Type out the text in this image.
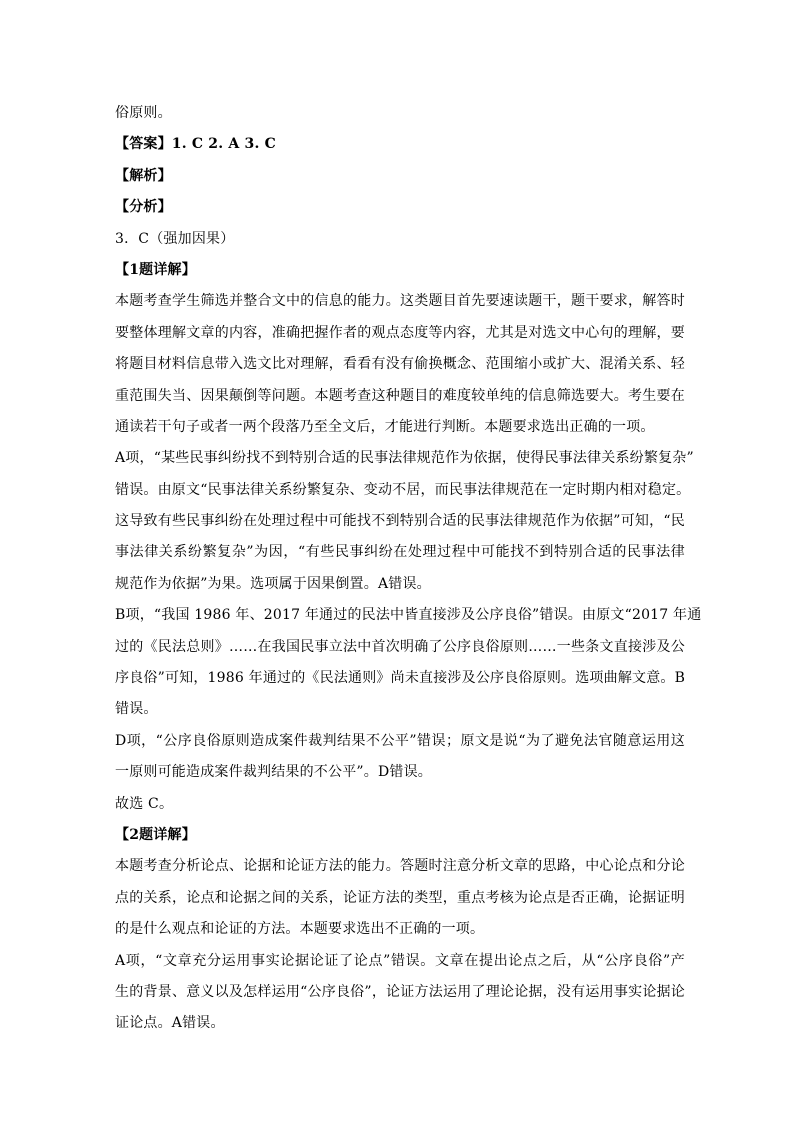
俗原则。
【答案】1. C 2. A 3. C
【解析】
【分析】
3．C（强加因果）
【1题详解】
本题考查学生筛选并整合文中的信息的能力。这类题目首先要速读题干，题干要求，解答时
要整体理解文章的内容，准确把握作者的观点态度等内容，尤其是对选文中心句的理解，要
将题目材料信息带入选文比对理解，看看有没有偷换概念、范围缩小或扩大、混淆关系、轻
重范围失当、因果颠倒等问题。本题考查这种题目的难度较单纯的信息筛选要大。考生要在
通读若干句子或者一两个段落乃至全文后，才能进行判断。本题要求选出正确的一项。
A项，“某些民事纠纷找不到特别合适的民事法律规范作为依据，使得民事法律关系纷繁复杂”
错误。由原文“民事法律关系纷繁复杂、变动不居，而民事法律规范在一定时期内相对稳定。
这导致有些民事纠纷在处理过程中可能找不到特别合适的民事法律规范作为依据”可知，“民
事法律关系纷繁复杂”为因，“有些民事纠纷在处理过程中可能找不到特别合适的民事法律
规范作为依据”为果。选项属于因果倒置。A错误。
B项，“我国 1986 年、2017 年通过的民法中皆直接涉及公序良俗”错误。由原文“2017 年通
过的《民法总则》……在我国民事立法中首次明确了公序良俗原则……一些条文直接涉及公
序良俗”可知，1986 年通过的《民法通则》尚未直接涉及公序良俗原则。选项曲解文意。B
错误。
D项，“公序良俗原则造成案件裁判结果不公平”错误；原文是说“为了避免法官随意运用这
一原则可能造成案件裁判结果的不公平”。D错误。
故选 C。
【2题详解】
本题考查分析论点、论据和论证方法的能力。答题时注意分析文章的思路，中心论点和分论
点的关系，论点和论据之间的关系，论证方法的类型，重点考核为论点是否正确，论据证明
的是什么观点和论证的方法。本题要求选出不正确的一项。
A项，“文章充分运用事实论据论证了论点”错误。文章在提出论点之后，从“公序良俗”产
生的背景、意义以及怎样运用“公序良俗”，论证方法运用了理论论据，没有运用事实论据论
证论点。A错误。
